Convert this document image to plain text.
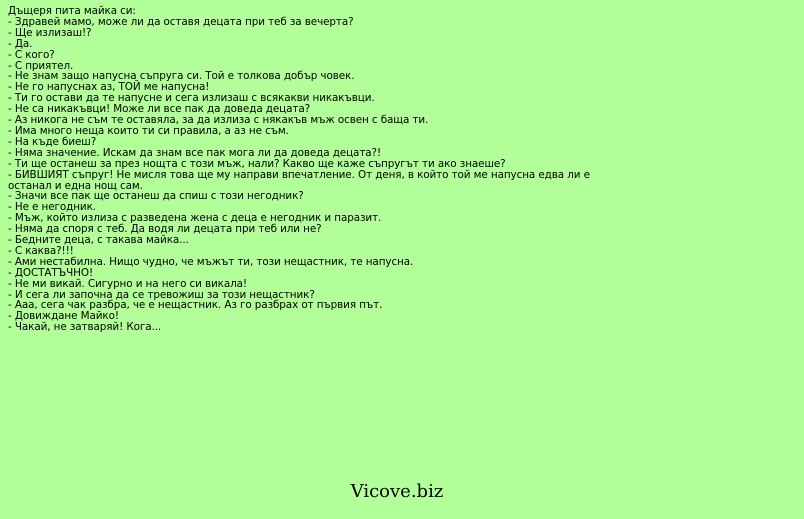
Дъщеря пита майка си:
- Здравей мамо, може ли да оставя децата при теб за вечерта?
- Ще излизаш!?
- Да.
- С кого?
- С приятел.
- Не знам защо напусна съпруга си. Той е толкова добър човек.
- Не го напуснах аз, ТОЙ ме напусна!
- Ти го остави да те напусне и сега излизаш с всякакви никакъвци.
- Не са никакъвци! Може ли все пак да доведа децата?
- Аз никога не съм те оставяла, за да излиза с някакъв мъж освен с баща ти.
- Има много неща които ти си правила, а аз не съм.
- На къде биеш?
- Няма значение. Искам да знам все пак мога ли да доведа децата?!
- Ти ще останеш за през нощта с този мъж, нали? Какво ще каже съпругът ти ако знаеше?
- БИВШИЯТ съпруг! Не мисля това ще му направи впечатление. От деня, в който той ме напусна едва ли е останал и една нощ сам.
- Значи все пак ще останеш да спиш с този негодник?
- Не е негодник.
- Мъж, който излиза с разведена жена с деца е негодник и паразит.
- Няма да споря с теб. Да водя ли децата при теб или не?
- Бедните деца, с такава майка...
- С каква?!!!
- Ами нестабилна. Нищо чудно, че мъжът ти, този нещастник, те напусна.
- ДОСТАТЪЧНО!
- Не ми викай. Сигурно и на него си викала!
- И сега ли започна да се тревожиш за този нещастник?
- Ааа, сега чак разбра, че е нещастник. Аз го разбрах от първия път.
- Довиждане Майко!
- Чакай, не затваряй! Кога...
Vicove.biz
